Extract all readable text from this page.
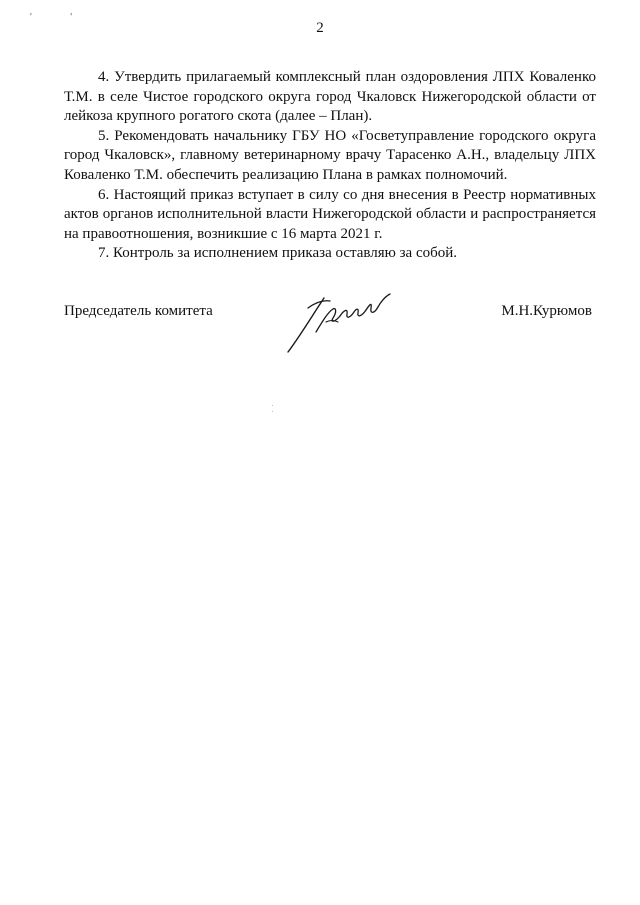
' '
2

4. Утвердить прилагаемый комплексный план оздоровления ЛПХ Коваленко Т.М. в селе Чистое городского округа город Чкаловск Нижегородской области от лейкоза крупного рогатого скота (далее – План).

5. Рекомендовать начальнику ГБУ НО «Госветуправление городского округа город Чкаловск», главному ветеринарному врачу Тарасенко А.Н., владельцу ЛПХ Коваленко Т.М. обеспечить реализацию Плана в рамках полномочий.

6. Настоящий приказ вступает в силу со дня внесения в Реестр нормативных актов органов исполнительной власти Нижегородской области и распространяется на правоотношения, возникшие с 16 марта 2021 г.

7. Контроль за исполнением приказа оставляю за собой.

Председатель комитета	М.Н.Курюмов
